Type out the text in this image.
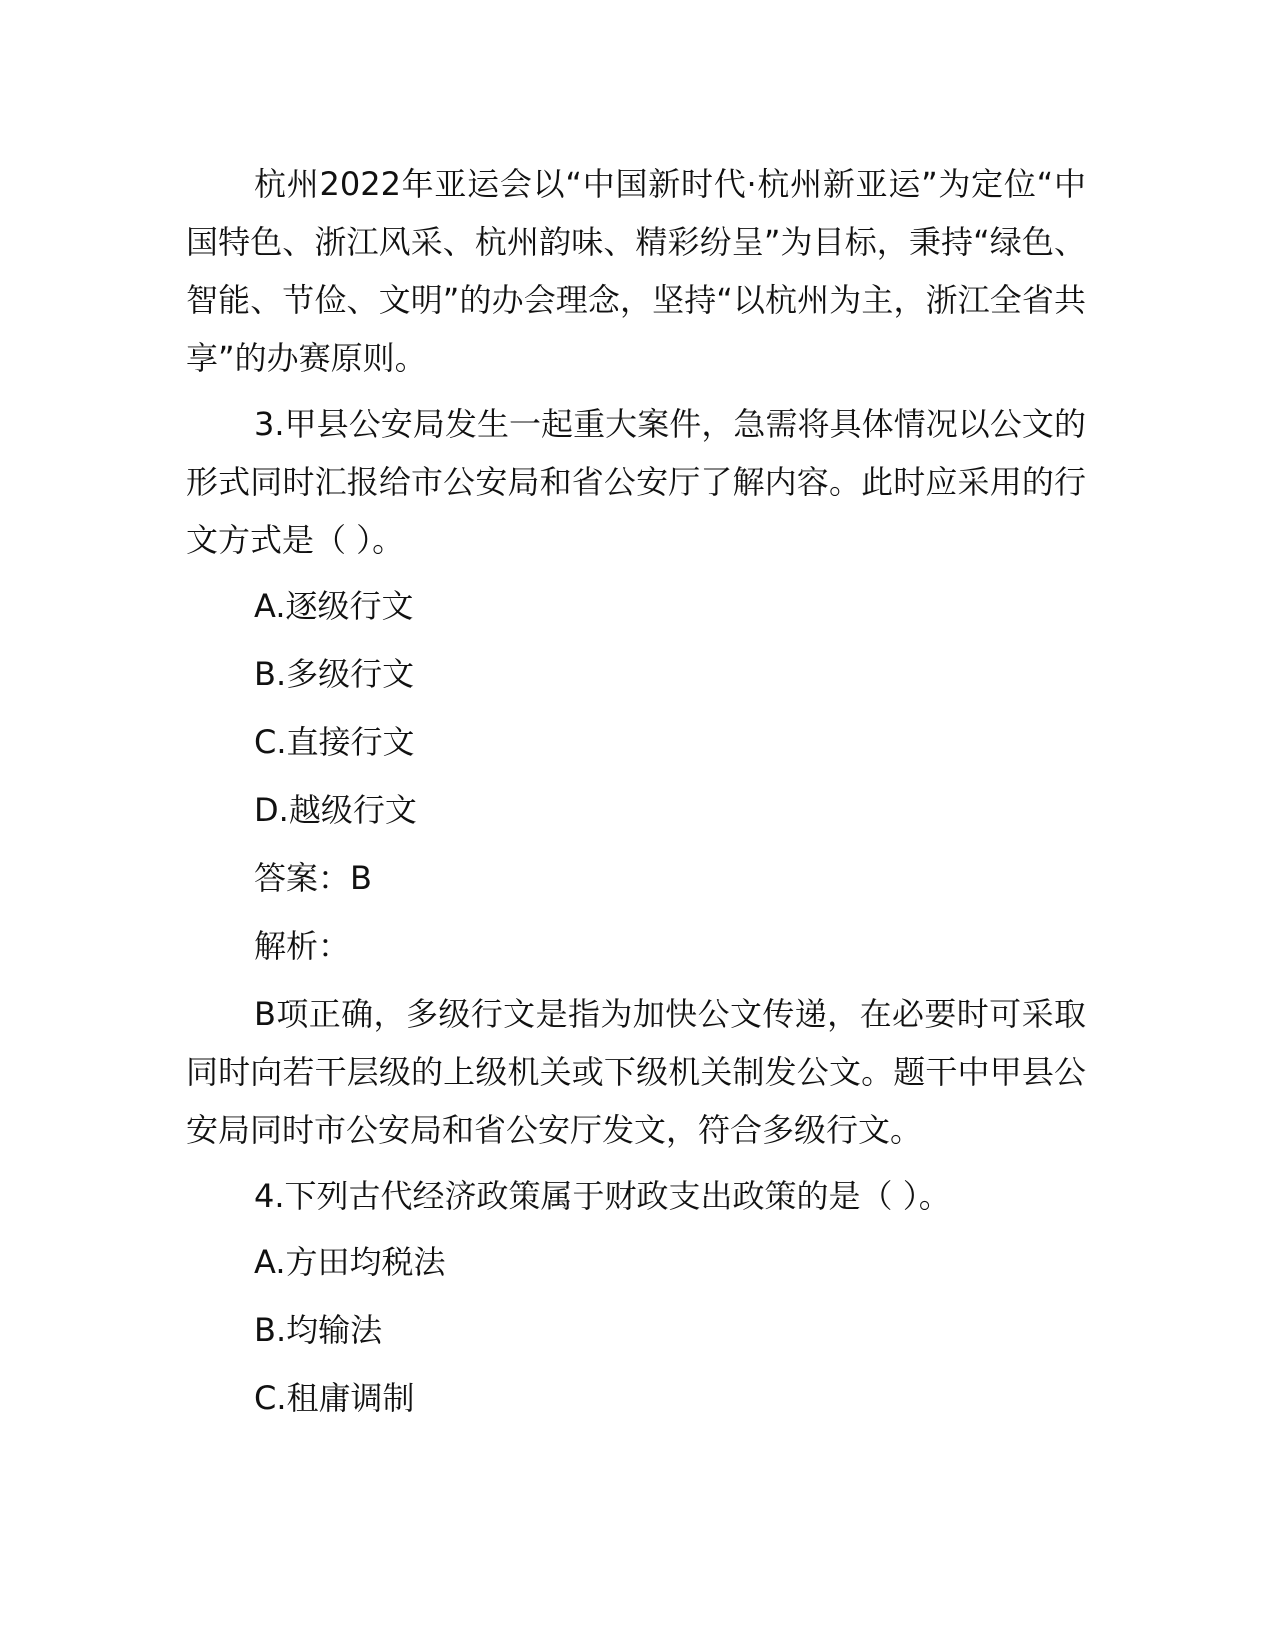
杭州2022年亚运会以“中国新时代·杭州新亚运”为定位“中国特色、浙江风采、杭州韵味、精彩纷呈”为目标，秉持“绿色、智能、节俭、文明”的办会理念，坚持“以杭州为主，浙江全省共享”的办赛原则。

3.甲县公安局发生一起重大案件，急需将具体情况以公文的形式同时汇报给市公安局和省公安厅了解内容。此时应采用的行文方式是（ ）。

A.逐级行文
B.多级行文
C.直接行文
D.越级行文
答案：B
解析：

B项正确，多级行文是指为加快公文传递，在必要时可采取同时向若干层级的上级机关或下级机关制发公文。题干中甲县公安局同时市公安局和省公安厅发文，符合多级行文。

4.下列古代经济政策属于财政支出政策的是（ ）。

A.方田均税法
B.均输法
C.租庸调制
